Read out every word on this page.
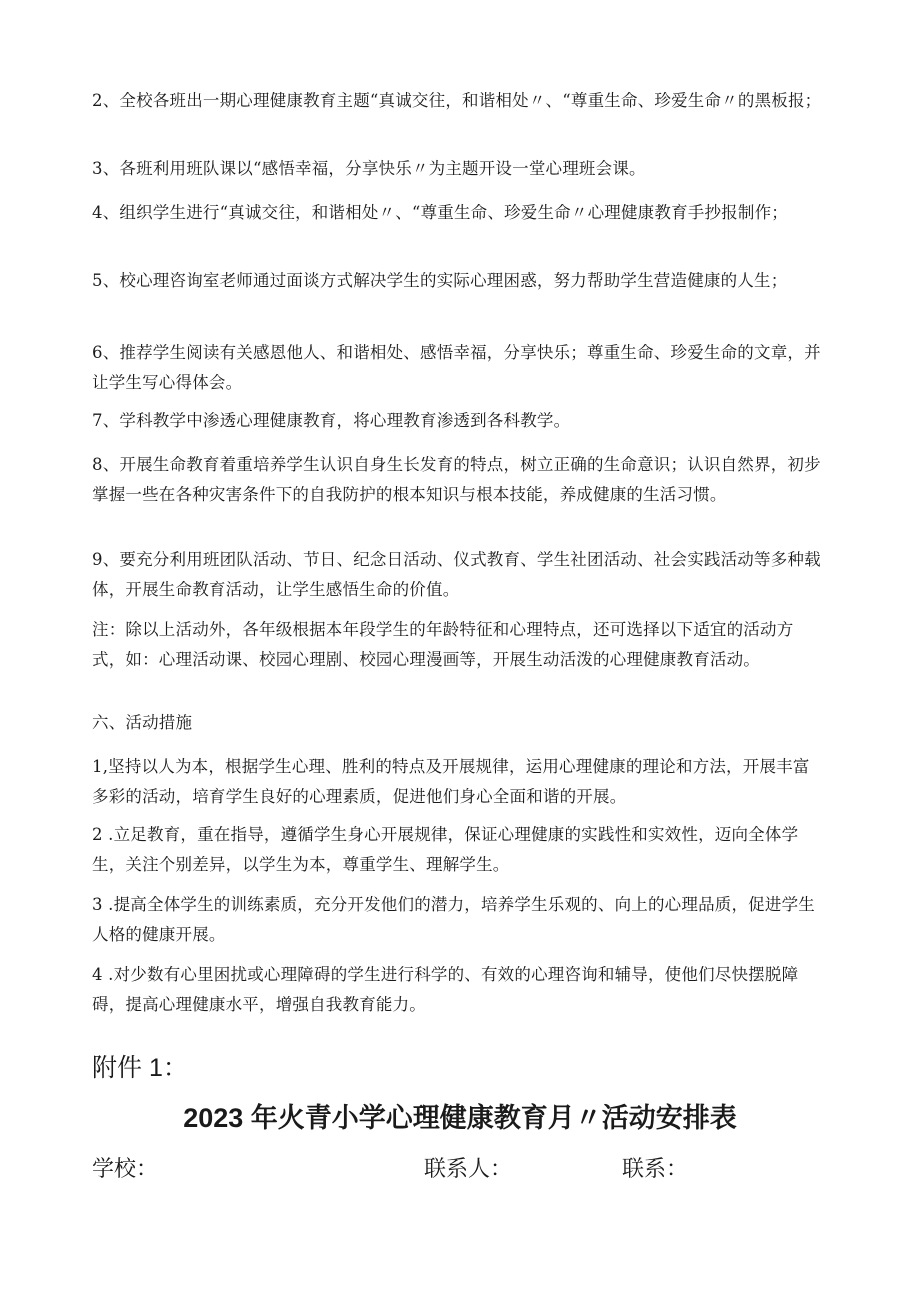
2、全校各班出一期心理健康教育主题“真诚交往，和谐相处〃、“尊重生命、珍爱生命〃的黑板报；

3、各班利用班队课以“感悟幸福，分享快乐〃为主题开设一堂心理班会课。

4、组织学生进行“真诚交往，和谐相处〃、“尊重生命、珍爱生命〃心理健康教育手抄报制作；

5、校心理咨询室老师通过面谈方式解决学生的实际心理困惑，努力帮助学生营造健康的人生；

6、推荐学生阅读有关感恩他人、和谐相处、感悟幸福，分享快乐；尊重生命、珍爱生命的文章，并让学生写心得体会。

7、学科教学中渗透心理健康教育，将心理教育渗透到各科教学。

8、开展生命教育着重培养学生认识自身生长发育的特点，树立正确的生命意识；认识自然界，初步掌握一些在各种灾害条件下的自我防护的根本知识与根本技能，养成健康的生活习惯。

9、要充分利用班团队活动、节日、纪念日活动、仪式教育、学生社团活动、社会实践活动等多种载体，开展生命教育活动，让学生感悟生命的价值。

注：除以上活动外，各年级根据本年段学生的年龄特征和心理特点，还可选择以下适宜的活动方式，如：心理活动课、校园心理剧、校园心理漫画等，开展生动活泼的心理健康教育活动。

六、活动措施

1,坚持以人为本，根据学生心理、胜利的特点及开展规律，运用心理健康的理论和方法，开展丰富多彩的活动，培育学生良好的心理素质，促进他们身心全面和谐的开展。

2 .立足教育，重在指导，遵循学生身心开展规律，保证心理健康的实践性和实效性，迈向全体学生，关注个别差异，以学生为本，尊重学生、理解学生。

3 .提高全体学生的训练素质，充分开发他们的潜力，培养学生乐观的、向上的心理品质，促进学生人格的健康开展。

4 .对少数有心里困扰或心理障碍的学生进行科学的、有效的心理咨询和辅导，使他们尽快摆脱障碍，提高心理健康水平，增强自我教育能力。

附件 1：

2023 年火青小学心理健康教育月〃活动安排表

学校：	联系人：	联系：
